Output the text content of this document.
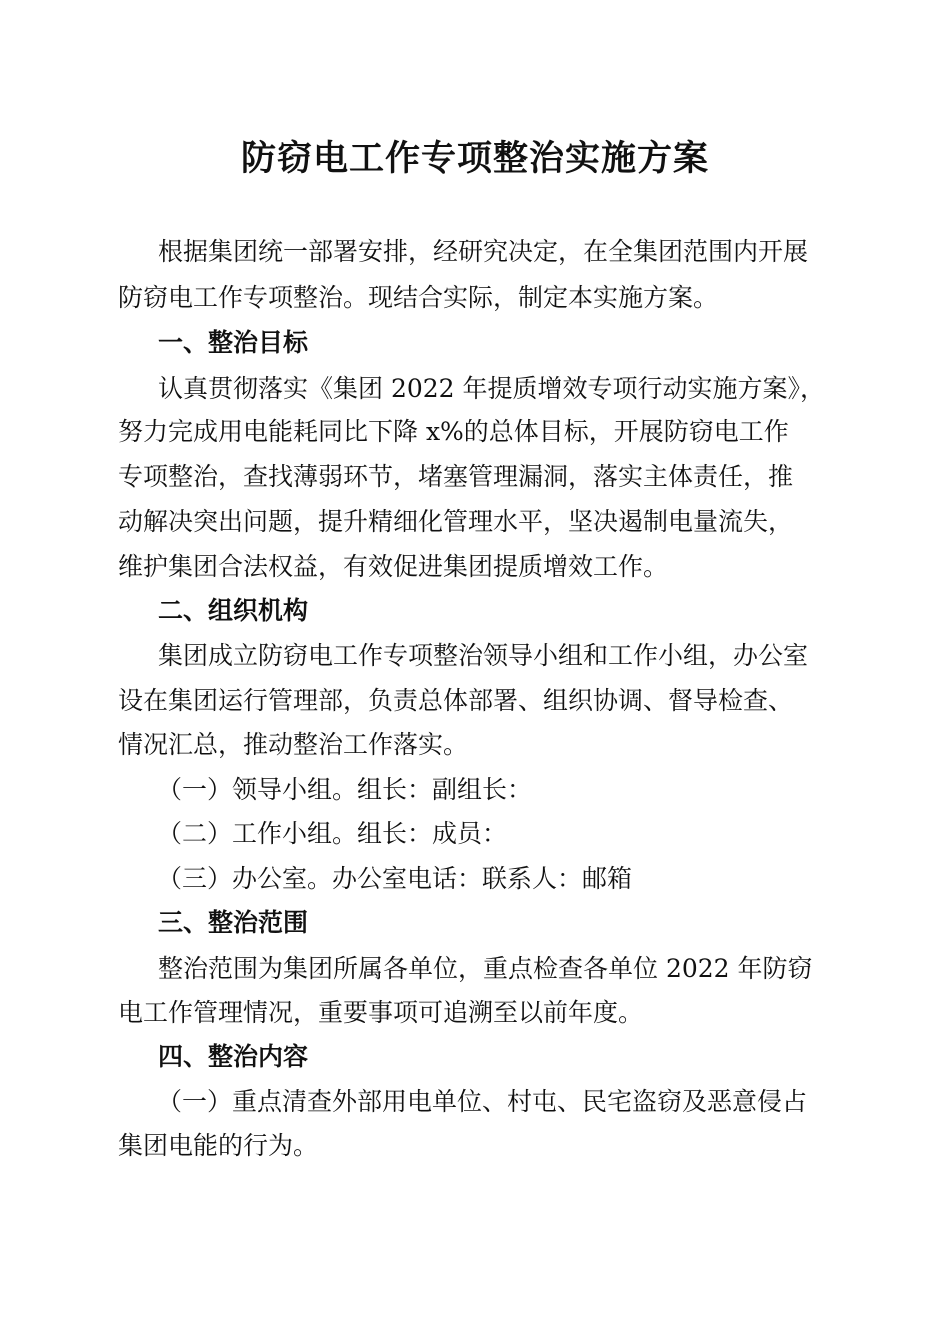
防窃电工作专项整治实施方案

根据集团统一部署安排，经研究决定，在全集团范围内开展

防窃电工作专项整治。现结合实际，制定本实施方案。

一、整治目标

认真贯彻落实《集团 2022 年提质增效专项行动实施方案》，

努力完成用电能耗同比下降 x%的总体目标，开展防窃电工作

专项整治，查找薄弱环节，堵塞管理漏洞，落实主体责任，推

动解决突出问题，提升精细化管理水平，坚决遏制电量流失，

维护集团合法权益，有效促进集团提质增效工作。

二、组织机构

集团成立防窃电工作专项整治领导小组和工作小组，办公室

设在集团运行管理部，负责总体部署、组织协调、督导检查、

情况汇总，推动整治工作落实。

（一）领导小组。组长：副组长：

（二）工作小组。组长：成员：

（三）办公室。办公室电话：联系人：邮箱

三、整治范围

整治范围为集团所属各单位，重点检查各单位 2022 年防窃

电工作管理情况，重要事项可追溯至以前年度。

四、整治内容

（一）重点清查外部用电单位、村屯、民宅盗窃及恶意侵占

集团电能的行为。
